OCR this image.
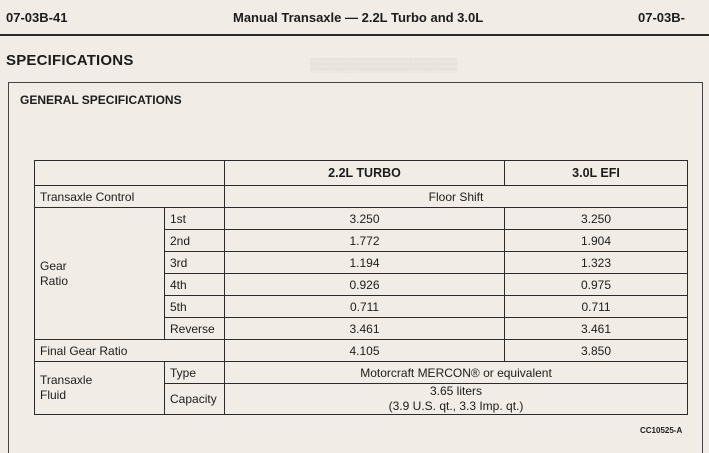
▒▒▒▒▒▒▒▒▒▒▒▒▒▒▒▒
07-03B-41	Manual Transaxle — 2.2L Turbo and 3.0L	07-03B-
SPECIFICATIONS
GENERAL SPECIFICATIONS
		2.2L TURBO	3.0L EFI
Transaxle Control		Floor Shift	
Gear
Ratio	1st	3.250	3.250
	2nd	1.772	1.904
	3rd	1.194	1.323
	4th	0.926	0.975
	5th	0.711	0.711
	Reverse	3.461	3.461
Final Gear Ratio		4.105	3.850
Transaxle
Fluid	Type	Motorcraft MERCON® or equivalent	
	Capacity	3.65 liters
(3.9 U.S. qt., 3.3 Imp. qt.)	
CC10525-A
